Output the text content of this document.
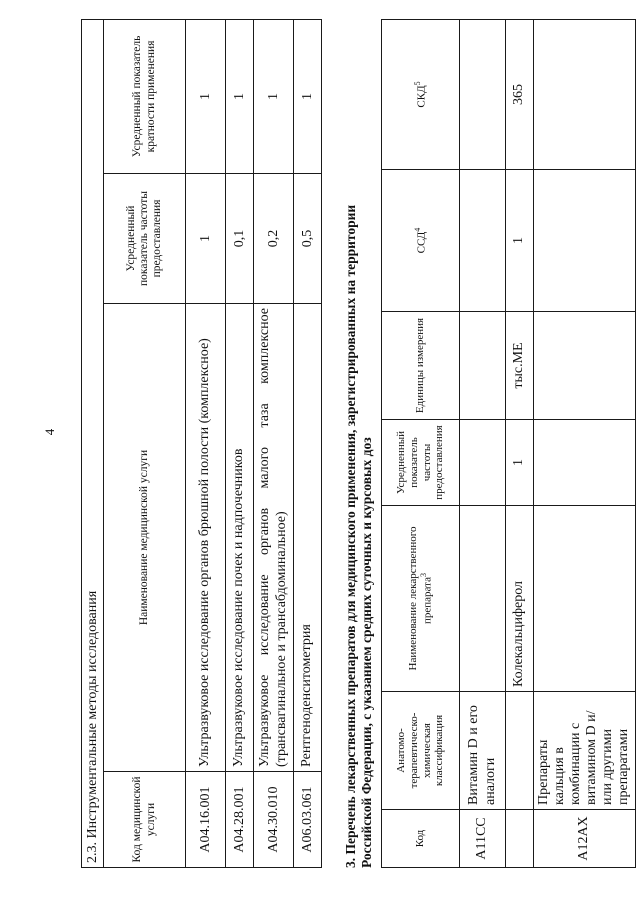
4
2.3. Инструментальные методы исследования			
Код медицинской услуги	Наименование медицинской услуги	Усредненный показатель частоты предоставления	Усредненный показатель кратности применения
A04.16.001	Ультразвуковое исследование органов брюшной полости (комплексное)	1	1
A04.28.001	Ультразвуковое исследование почек и надпочечников	0,1	1
A04.30.010	Ультразвуковое исследование органов малого таза комплексное (трансвагинальное и трансабдоминальное)	0,2	1
A06.03.061	Рентгеноденситометрия	0,5	1
3. Перечень лекарственных препаратов для медицинского применения, зарегистрированных на территории Российской Федерации, с указанием средних суточных и курсовых доз	Код	Анатомо-терапевтическо-химическая классификация	Наименование лекарственного препарата$^3$	Усредненный показатель частоты предоставления	Единицы измерения	ССД$^4$	СКД$^5$
A11CC	Витамин D и его аналоги					
		Колекальциферол	1	тыс.МЕ	1	365
A12AX	Препараты кальция в комбинации с витамином D и/или другими препаратами					
